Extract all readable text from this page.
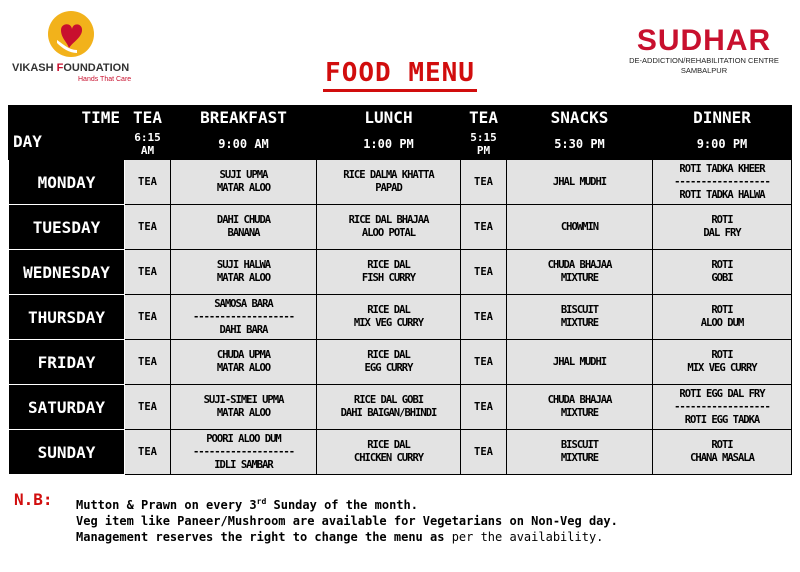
VIKASH FOUNDATION
Hands That Care
SUDHAR
DE-ADDICTION/REHABILITATION CENTRE
SAMBALPUR
FOOD MENU
TIME
DAY	TEA	BREAKFAST	LUNCH	TEA	SNACKS	DINNER
	6:15 AM	9:00 AM	1:00 PM	5:15 PM	5:30 PM	9:00 PM
MONDAY	TEA	SUJI UPMA
MATAR ALOO	RICE DALMA KHATTA
PAPAD	TEA	JHAL MUDHI	ROTI TADKA KHEER
------------------
ROTI TADKA HALWA

TUESDAY	TEA	DAHI CHUDA
BANANA	RICE DAL BHAJAA
ALOO POTAL	TEA	CHOWMIN	ROTI
DAL FRY

WEDNESDAY	TEA	SUJI HALWA
MATAR ALOO	RICE DAL
FISH CURRY	TEA	CHUDA BHAJAA
MIXTURE	ROTI
GOBI

THURSDAY	TEA	SAMOSA BARA
-------------------
DAHI BARA	RICE DAL
MIX VEG CURRY	TEA	BISCUIT
MIXTURE	ROTI
ALOO DUM

FRIDAY	TEA	CHUDA UPMA
MATAR ALOO	RICE DAL
EGG CURRY	TEA	JHAL MUDHI	ROTI
MIX VEG CURRY

SATURDAY	TEA	SUJI-SIMEI UPMA
MATAR ALOO	RICE DAL GOBI
DAHI BAIGAN/BHINDI	TEA	CHUDA BHAJAA
MIXTURE	ROTI EGG DAL FRY
------------------
ROTI EGG TADKA

SUNDAY	TEA	POORI ALOO DUM
-------------------
IDLI SAMBAR	RICE DAL
CHICKEN CURRY	TEA	BISCUIT
MIXTURE	ROTI
CHANA MASALA
N.B: Mutton & Prawn on every 3rd Sunday of the month.
Veg item like Paneer/Mushroom are available for Vegetarians on Non-Veg day.
Management reserves the right to change the menu as per the availability.
